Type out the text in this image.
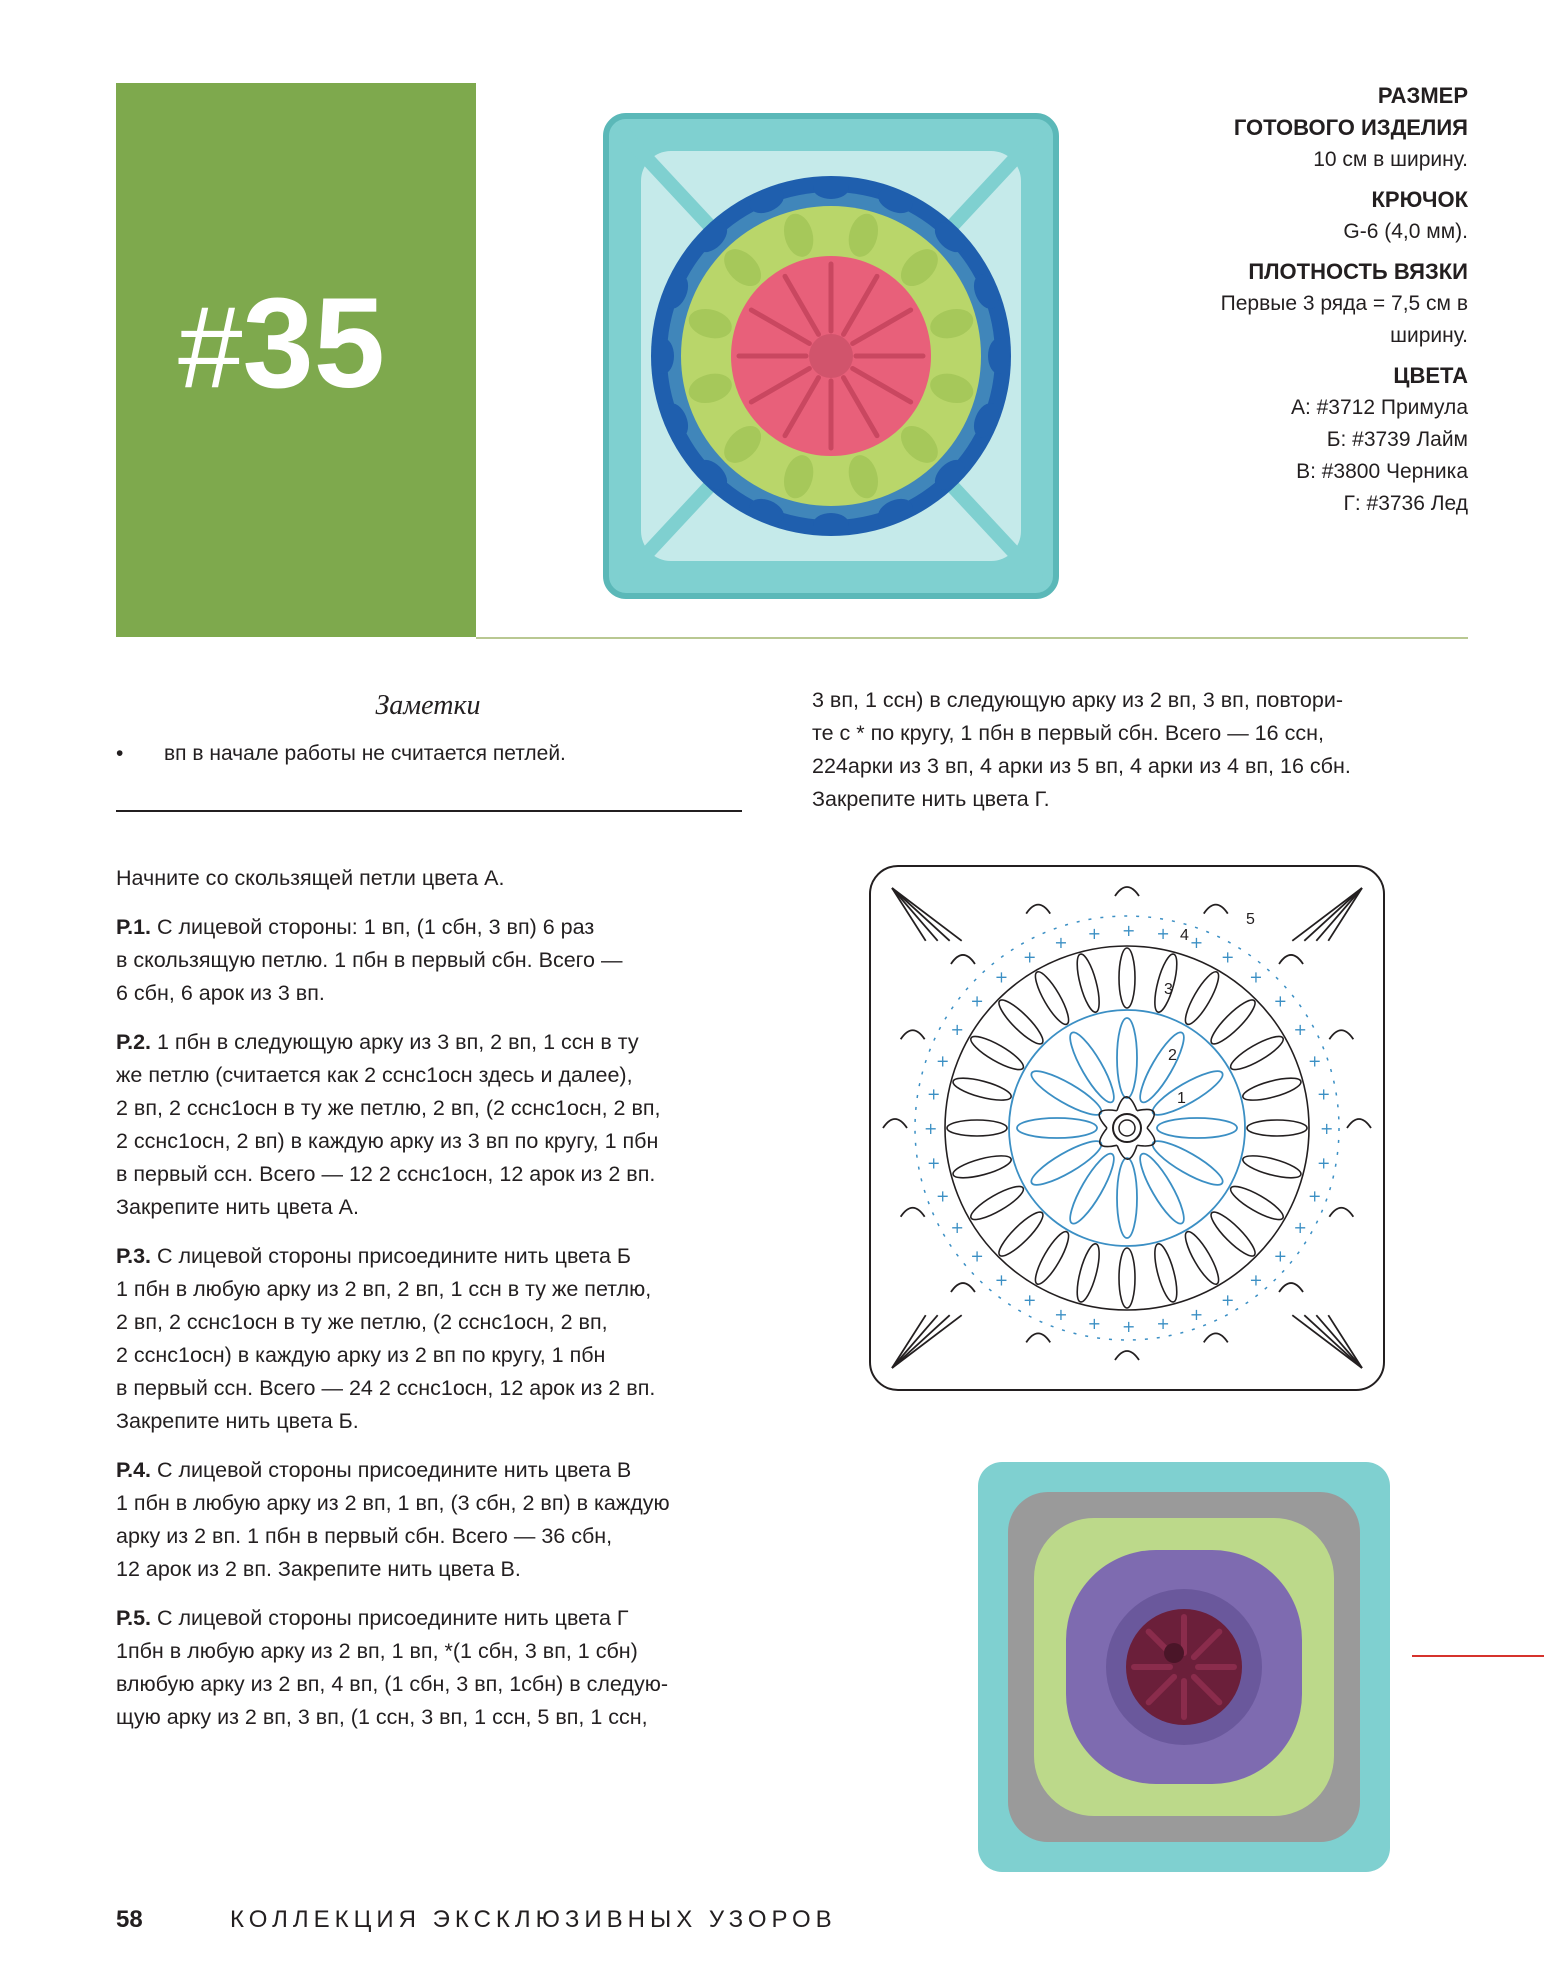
#35
РАЗМЕР
ГОТОВОГО ИЗДЕЛИЯ
10 см в ширину.
КРЮЧОК
G-6 (4,0 мм).
ПЛОТНОСТЬ ВЯЗКИ
Первые 3 ряда = 7,5 см в
ширину.
ЦВЕТА
А: #3712 Примула
Б: #3739 Лайм
В: #3800 Черника
Г: #3736 Лед
Заметки
• вп в начале работы не считается петлей.

Начните со скользящей петли цвета А.

Р.1. С лицевой стороны: 1 вп, (1 сбн, 3 вп) 6 раз
в скользящую петлю. 1 пбн в первый сбн. Всего —
6 сбн, 6 арок из 3 вп.

Р.2. 1 пбн в следующую арку из 3 вп, 2 вп, 1 ссн в ту
же петлю (считается как 2 сснс1осн здесь и далее),
2 вп, 2 сснс1осн в ту же петлю, 2 вп, (2 сснс1осн, 2 вп,
2 сснс1осн, 2 вп) в каждую арку из 3 вп по кругу, 1 пбн
в первый ссн. Всего — 12 2 сснс1осн, 12 арок из 2 вп.
Закрепите нить цвета А.

Р.3. С лицевой стороны присоедините нить цвета Б
1 пбн в любую арку из 2 вп, 2 вп, 1 ссн в ту же петлю,
2 вп, 2 сснс1осн в ту же петлю, (2 сснс1осн, 2 вп,
2 сснс1осн) в каждую арку из 2 вп по кругу, 1 пбн
в первый ссн. Всего — 24 2 сснс1осн, 12 арок из 2 вп.
Закрепите нить цвета Б.

Р.4. С лицевой стороны присоедините нить цвета В
1 пбн в любую арку из 2 вп, 1 вп, (3 сбн, 2 вп) в каждую
арку из 2 вп. 1 пбн в первый сбн. Всего — 36 сбн,
12 арок из 2 вп. Закрепите нить цвета В.

Р.5. С лицевой стороны присоедините нить цвета Г
1пбн в любую арку из 2 вп, 1 вп, *(1 сбн, 3 вп, 1 сбн)
влюбую арку из 2 вп, 4 вп, (1 сбн, 3 вп, 1сбн) в следую-
щую арку из 2 вп, 3 вп, (1 ссн, 3 вп, 1 ссн, 5 вп, 1 ссн,

3 вп, 1 ссн) в следующую арку из 2 вп, 3 вп, повтори-
те с * по кругу, 1 пбн в первый сбн. Всего — 16 ссн,
224арки из 3 вп, 4 арки из 5 вп, 4 арки из 4 вп, 16 сбн.
Закрепите нить цвета Г.

+
+
+
+
+
+
+
+
+
+
+
+
+
+
+
+
+
+
+
+
+
+
+
+
+
+ + + + +
+
+
+
+
+
+
1
2
3
4
5
58	КОЛЛЕКЦИЯ ЭКСКЛЮЗИВНЫХ УЗОРОВ
